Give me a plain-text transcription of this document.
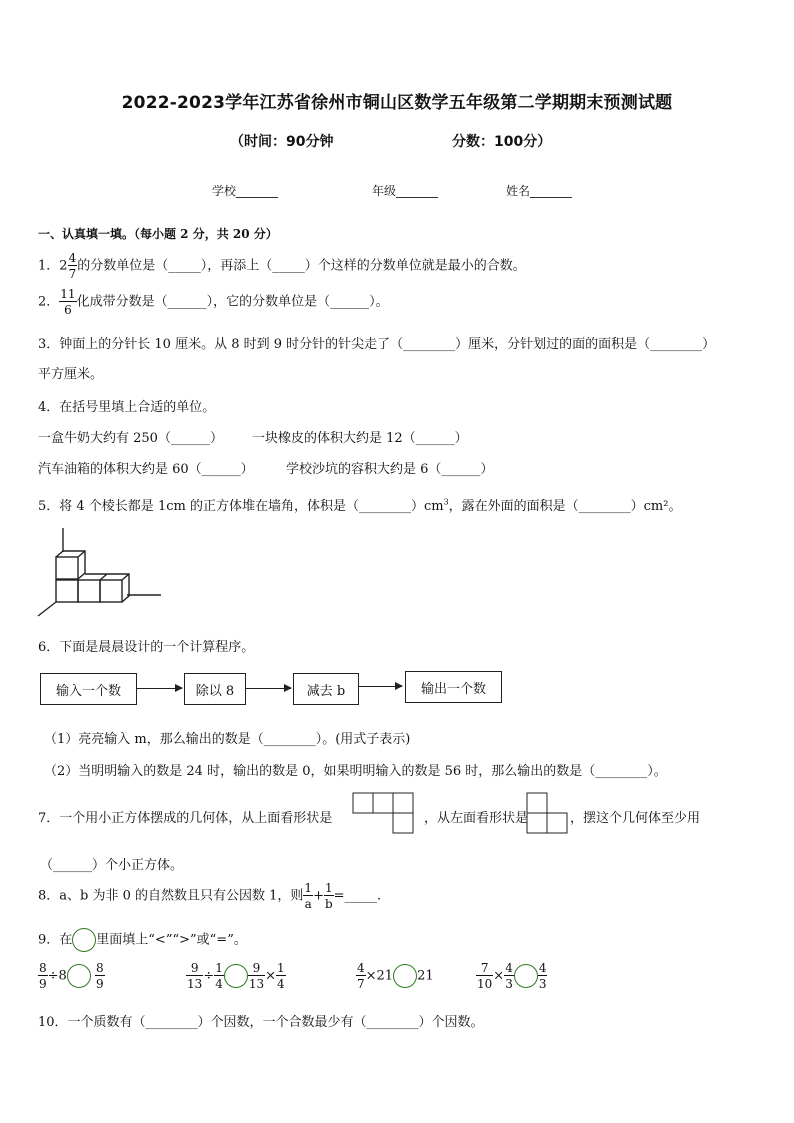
2022-2023学年江苏省徐州市铜山区数学五年级第二学期期末预测试题
（时间：90分钟	分数：100分）
学校_______	年级_______	姓名_______
一、认真填一填。（每小题 2 分，共 20 分）
1．$2 \frac{4}{7}$ 的分数单位是（_____），再添上（_____）个这样的分数单位就是最小的合数。
2． $\frac{11}{6}$ 化成带分数是（______），它的分数单位是（______）。
3．钟面上的分针长 10 厘米。从 8 时到 9 时分针的针尖走了（________）厘米，分针划过的面的面积是（________）
平方厘米。
4．在括号里填上合适的单位。
一盒牛奶大约有 250（______） 一块橡皮的体积大约是 12（______）
汽车油箱的体积大约是 60（______） 学校沙坑的容积大约是 6（______）
5．将 4 个棱长都是 1cm 的正方体堆在墙角，体积是$(\_\_\_\_\_\_\_\_)cm^3$，露在外面的面积是（________）cm²。
6．下面是晨晨设计的一个计算程序。
输入一个数	除以 8	减去 b	输出一个数
（1）亮亮输入 m，那么输出的数是（________）。(用式子表示)
（2）当明明输入的数是 24 时，输出的数是 0，如果明明输入的数是 56 时，那么输出的数是（________）。
7．一个用小正方体摆成的几何体，从上面看形状是	，从左面看形状是	，摆这个几何体至少用
（______）个小正方体。
8．a、b 为非 0 的自然数且只有公因数 1，则 $\frac{1}{a} + \frac{1}{b}$ =_____.
9．在 里面填上“<”“>”或“=”。
$\frac{8}{9} \div 8 \frac{8}{9}$	$\frac{9}{13} \div \frac{1}{4} \frac{9}{13} \times \frac{1}{4}$	$\frac{4}{7} \times 21$ 21	$\frac{7}{10} \times \frac{4}{3} \frac{4}{3}$
10．一个质数有（________）个因数，一个合数最少有（________）个因数。
